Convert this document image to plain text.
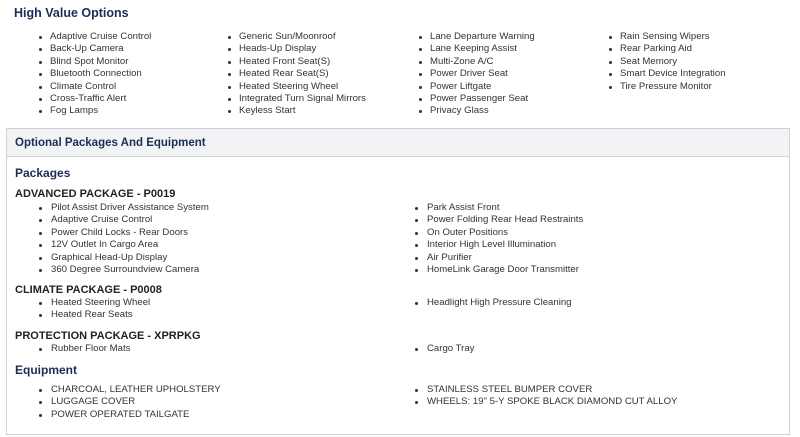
High Value Options
Adaptive Cruise Control
Back-Up Camera
Blind Spot Monitor
Bluetooth Connection
Climate Control
Cross-Traffic Alert
Fog Lamps
Generic Sun/Moonroof
Heads-Up Display
Heated Front Seat(S)
Heated Rear Seat(S)
Heated Steering Wheel
Integrated Turn Signal Mirrors
Keyless Start
Lane Departure Warning
Lane Keeping Assist
Multi-Zone A/C
Power Driver Seat
Power Liftgate
Power Passenger Seat
Privacy Glass
Rain Sensing Wipers
Rear Parking Aid
Seat Memory
Smart Device Integration
Tire Pressure Monitor
Optional Packages And Equipment
Packages
ADVANCED PACKAGE - P0019
Pilot Assist Driver Assistance System
Adaptive Cruise Control
Power Child Locks - Rear Doors
12V Outlet In Cargo Area
Graphical Head-Up Display
360 Degree Surroundview Camera
Park Assist Front
Power Folding Rear Head Restraints
On Outer Positions
Interior High Level Illumination
Air Purifier
HomeLink Garage Door Transmitter
CLIMATE PACKAGE - P0008
Heated Steering Wheel
Heated Rear Seats
Headlight High Pressure Cleaning
PROTECTION PACKAGE - XPRPKG
Rubber Floor Mats	Cargo Tray
Equipment
CHARCOAL, LEATHER UPHOLSTERY
LUGGAGE COVER
POWER OPERATED TAILGATE
STAINLESS STEEL BUMPER COVER
WHEELS: 19" 5-Y SPOKE BLACK DIAMOND CUT ALLOY
